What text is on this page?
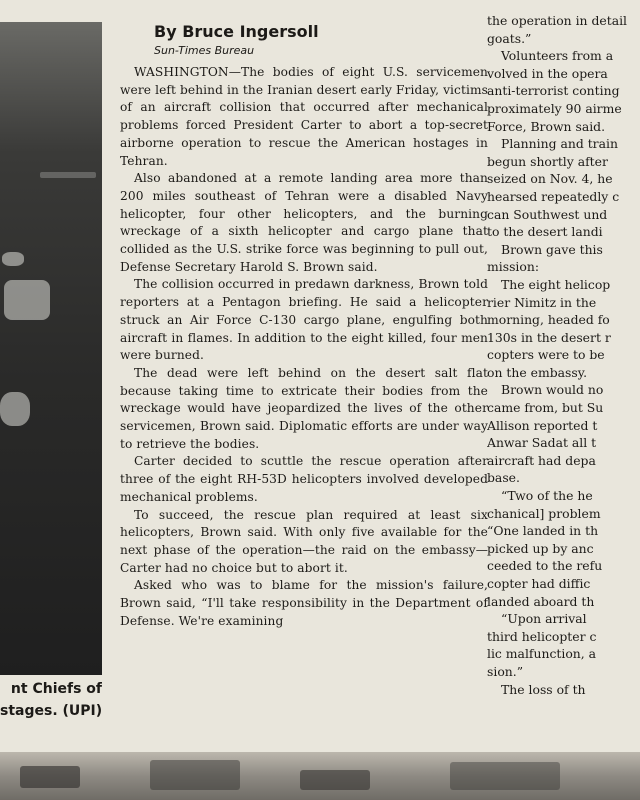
nt Chiefs of
stages. (UPI)
By Bruce Ingersoll
Sun-Times Bureau

WASHINGTON—The bodies of eight U.S. servicemen were left behind in the Iranian desert early Friday, victims of an aircraft collision that occurred after mechanical problems forced President Carter to abort a top-secret airborne operation to rescue the American hostages in Tehran.

Also abandoned at a remote landing area more than 200 miles southeast of Tehran were a disabled Navy helicopter, four other helicopters, and the burning wreckage of a sixth helicopter and cargo plane that collided as the U.S. strike force was beginning to pull out, Defense Secretary Harold S. Brown said.

The collision occurred in predawn darkness, Brown told reporters at a Pentagon briefing. He said a helicopter struck an Air Force C-130 cargo plane, engulfing both aircraft in flames. In addition to the eight killed, four men were burned.

The dead were left behind on the desert salt flat because taking time to extricate their bodies from the wreckage would have jeopardized the lives of the other servicemen, Brown said. Diplomatic efforts are under way to retrieve the bodies.

Carter decided to scuttle the rescue operation after three of the eight RH-53D helicopters involved developed mechanical problems.

To succeed, the rescue plan required at least six helicopters, Brown said. With only five available for the next phase of the operation—the raid on the embassy—Carter had no choice but to abort it.

Asked who was to blame for the mission's failure, Brown said, “I'll take responsibility in the Department of Defense. We're examining

the operation in detail

goats.”

Volunteers from a

volved in the opera

anti-terrorist conting

proximately 90 airme

Force, Brown said.

Planning and train

begun shortly after

seized on Nov. 4, he

hearsed repeatedly c

can Southwest und

to the desert landi

Brown gave this

mission:

The eight helicop

rier Nimitz in the

morning, headed fo

130s in the desert r

copters were to be

on the embassy.

Brown would no

came from, but Su

Allison reported t

Anwar Sadat all t

aircraft had depa

base.

“Two of the he

chanical] problem

“One landed in th

picked up by anc

ceeded to the refu

copter had diffic

landed aboard th

“Upon arrival

third helicopter c

lic malfunction, a

sion.”

The loss of th
